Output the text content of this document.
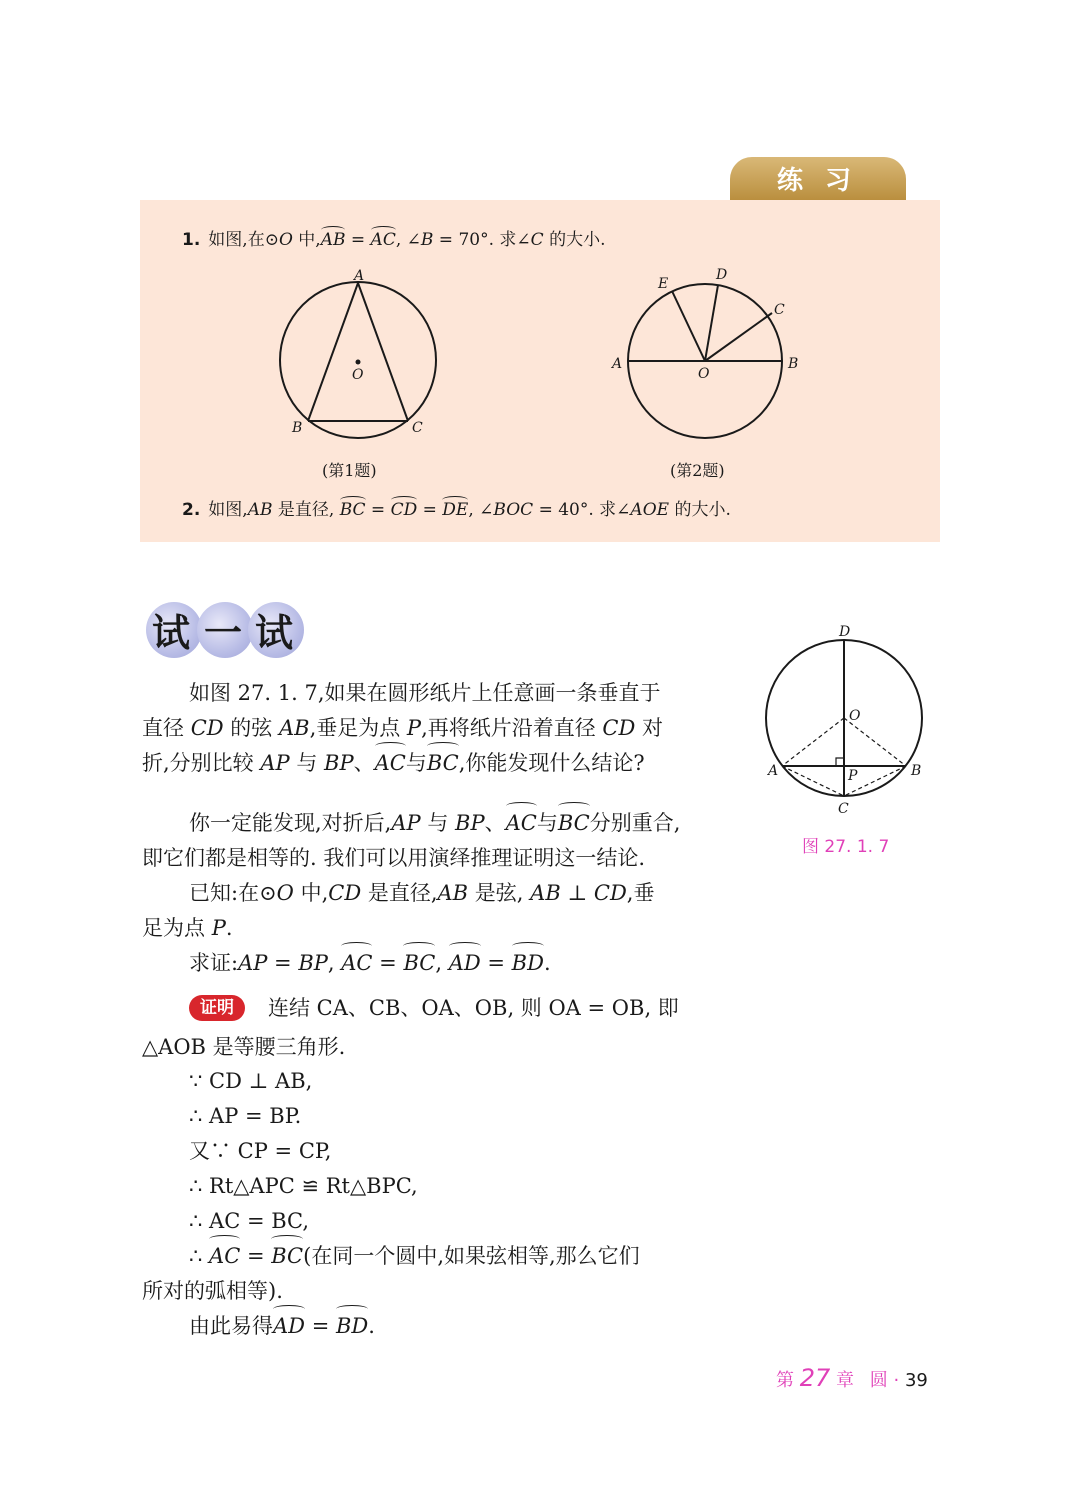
练习
1. 如图,在⊙O 中,AB = AC, ∠B = 70°. 求∠C 的大小.
A
O
B	C
(第1题)
A	B
C
D
E
O
(第2题)
2. 如图,AB 是直径, BC = CD = DE, ∠BOC = 40°. 求∠AOE 的大小.
试 一 试
如图 27. 1. 7,如果在圆形纸片上任意画一条垂直于
直径 CD 的弦 AB,垂足为点 P,再将纸片沿着直径 CD 对
折,分别比较 AP 与 BP、AC与BC,你能发现什么结论?
你一定能发现,对折后,AP 与 BP、AC与BC分别重合,
即它们都是相等的. 我们可以用演绎推理证明这一结论.
已知:在⊙O 中,CD 是直径,AB 是弦, AB ⊥ CD,垂
足为点 P.
求证:AP = BP, AC = BC, AD = BD.
证明	连结 CA、CB、OA、OB, 则 OA = OB, 即
△AOB 是等腰三角形.
∵ CD ⊥ AB,
∴ AP = BP.
又∵ CP = CP,
∴ Rt△APC ≌ Rt△BPC,
∴ AC = BC,
∴ AC = BC(在同一个圆中,如果弦相等,那么它们
所对的弧相等).
由此易得AD = BD.
D
O
A	B
P
C
图 27. 1. 7
第 27 章 圆 · 39
